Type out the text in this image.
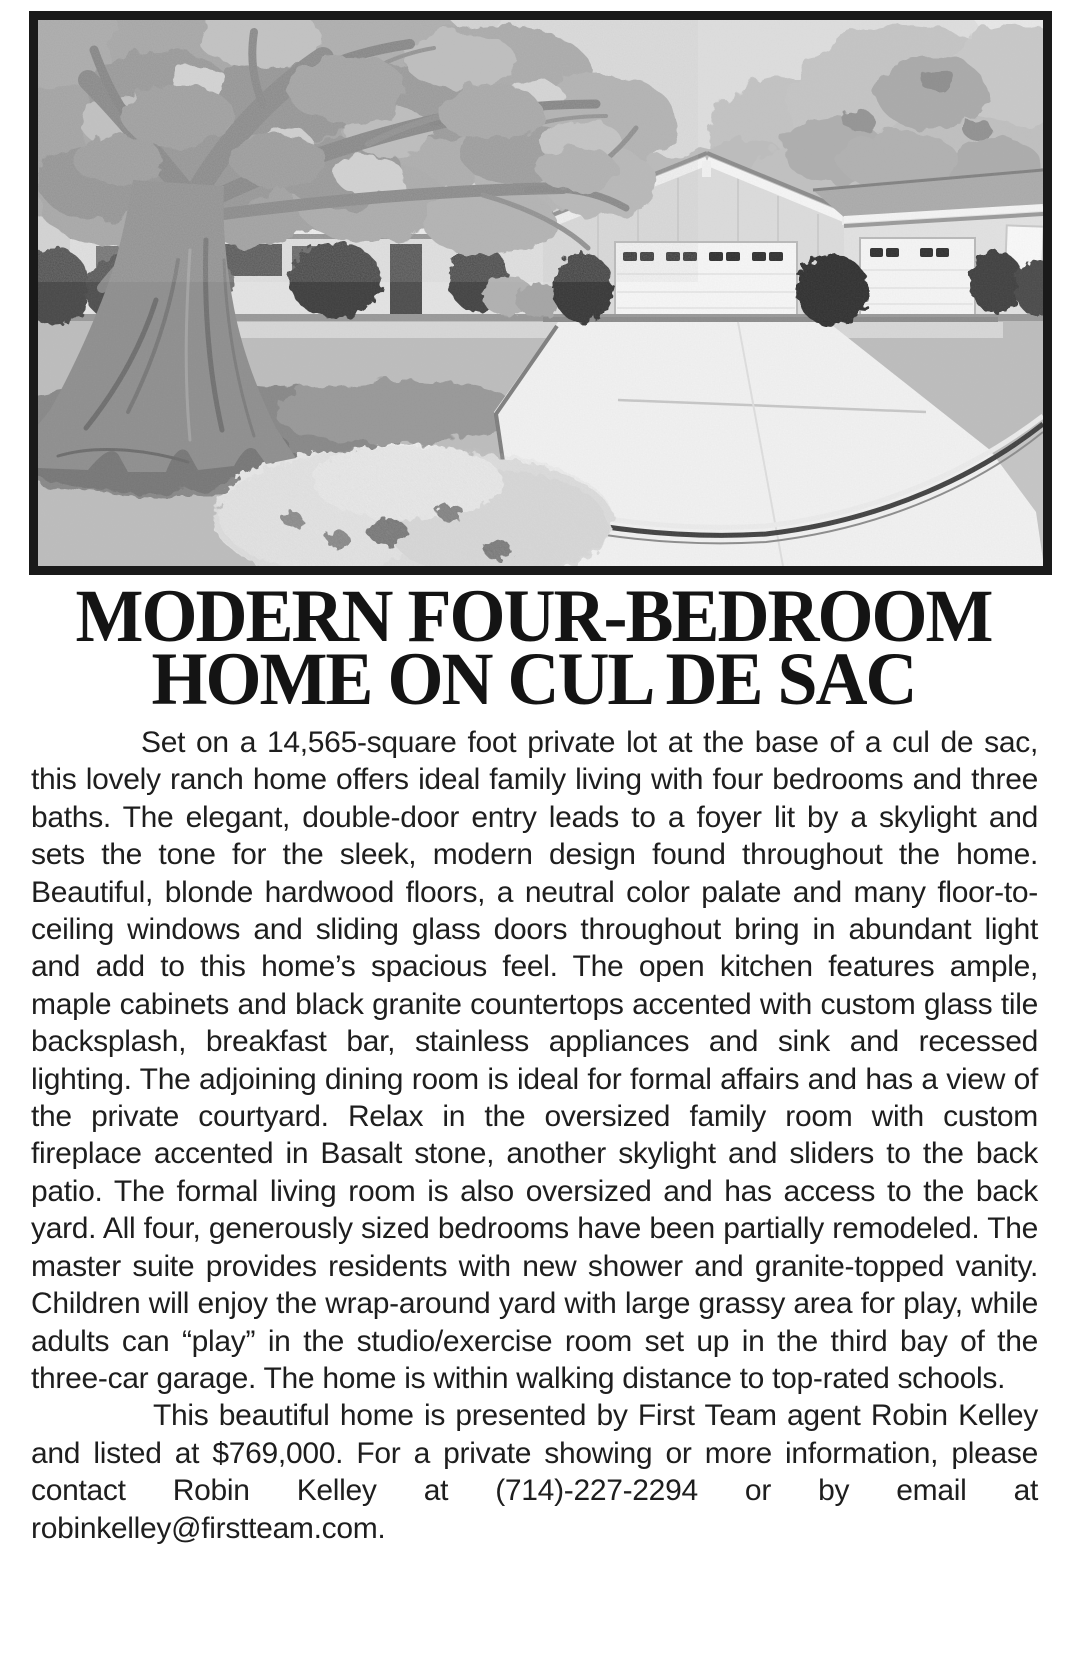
MODERN FOUR-BEDROOM
HOME ON CUL DE SAC

Set on a 14,565-square foot private lot at the base of a cul de sac, this lovely ranch home offers ideal family living with four bedrooms and three baths. The elegant, double-door entry leads to a foyer lit by a skylight and sets the tone for the sleek, modern design found throughout the home. Beautiful, blonde hardwood floors, a neutral color palate and many floor-to-ceiling windows and sliding glass doors throughout bring in abundant light and add to this home’s spacious feel. The open kitchen features ample, maple cabinets and black granite countertops accented with custom glass tile backsplash, breakfast bar, stainless appliances and sink and recessed lighting. The adjoining dining room is ideal for formal affairs and has a view of the private courtyard. Relax in the oversized family room with custom fireplace accented in Basalt stone, another skylight and sliders to the back patio. The formal living room is also oversized and has access to the back yard. All four, generously sized bedrooms have been partially remodeled. The master suite provides residents with new shower and granite-topped vanity. Children will enjoy the wrap-around yard with large grassy area for play, while adults can “play” in the studio/exercise room set up in the third bay of the three-car garage. The home is within walking distance to top-rated schools.

This beautiful home is presented by First Team agent Robin Kelley and listed at $769,000. For a private showing or more information, please contact Robin Kelley at (714)-227-2294 or by email at robinkelley@firstteam.com.
